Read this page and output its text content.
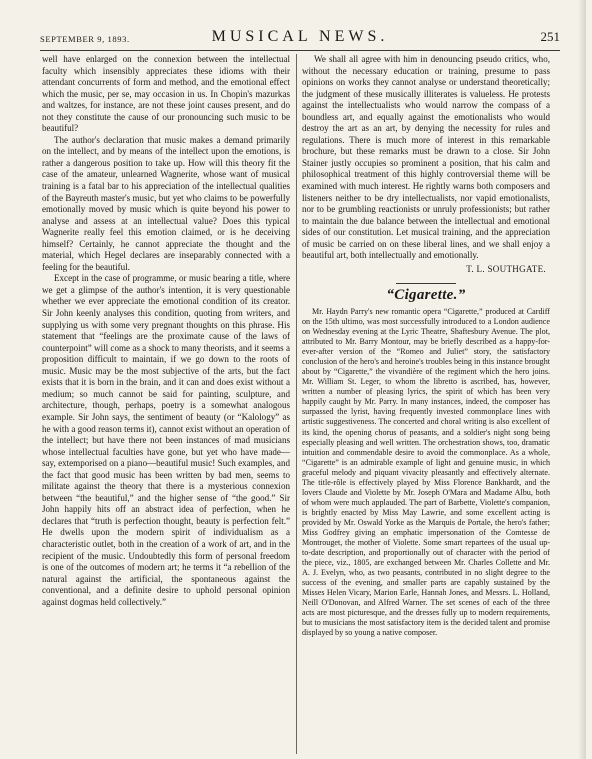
SEPTEMBER 9, 1893.	MUSICAL NEWS.	251

well have enlarged on the connexion between the intellectual faculty which insensibly appreciates these idioms with their attendant concurrents of form and method, and the emotional effect which the music, per se, may occasion in us. In Chopin's mazurkas and waltzes, for instance, are not these joint causes present, and do not they constitute the cause of our pronouncing such music to be beautiful?

The author's declaration that music makes a demand primarily on the intellect, and by means of the intellect upon the emotions, is rather a dangerous position to take up. How will this theory fit the case of the amateur, unlearned Wagnerite, whose want of musical training is a fatal bar to his appreciation of the intellectual qualities of the Bayreuth master's music, but yet who claims to be powerfully emotionally moved by music which is quite beyond his power to analyse and assess at an intellectual value? Does this typical Wagnerite really feel this emotion claimed, or is he deceiving himself? Certainly, he cannot appreciate the thought and the material, which Hegel declares are inseparably connected with a feeling for the beautiful.

Except in the case of programme, or music bearing a title, where we get a glimpse of the author's intention, it is very questionable whether we ever appreciate the emotional condition of its creator. Sir John keenly analyses this condition, quoting from writers, and supplying us with some very pregnant thoughts on this phrase. His statement that “feelings are the proximate cause of the laws of counterpoint” will come as a shock to many theorists, and it seems a proposition difficult to maintain, if we go down to the roots of music. Music may be the most subjective of the arts, but the fact exists that it is born in the brain, and it can and does exist without a medium; so much cannot be said for painting, sculpture, and architecture, though, perhaps, poetry is a somewhat analogous example. Sir John says, the sentiment of beauty (or “Kalology” as he with a good reason terms it), cannot exist without an operation of the intellect; but have there not been instances of mad musicians whose intellectual faculties have gone, but yet who have made—say, extemporised on a piano—beautiful music! Such examples, and the fact that good music has been written by bad men, seems to militate against the theory that there is a mysterious connexion between “the beautiful,” and the higher sense of “the good.” Sir John happily hits off an abstract idea of perfection, when he declares that “truth is perfection thought, beauty is perfection felt.” He dwells upon the modern spirit of individualism as a characteristic outlet, both in the creation of a work of art, and in the recipient of the music. Undoubtedly this form of personal freedom is one of the outcomes of modern art; he terms it “a rebellion of the natural against the artificial, the spontaneous against the conventional, and a definite desire to uphold personal opinion against dogmas held collectively.”

We shall all agree with him in denouncing pseudo critics, who, without the necessary education or training, presume to pass opinions on works they cannot analyse or understand theoretically; the judgment of these musically illiterates is valueless. He protests against the intellectualists who would narrow the compass of a boundless art, and equally against the emotionalists who would destroy the art as an art, by denying the necessity for rules and regulations. There is much more of interest in this remarkable brochure, but these remarks must be drawn to a close. Sir John Stainer justly occupies so prominent a position, that his calm and philosophical treatment of this highly controversial theme will be examined with much interest. He rightly warns both composers and listeners neither to be dry intellectualists, nor vapid emotionalists, nor to be grumbling reactionists or unruly professionists; but rather to maintain the due balance between the intellectual and emotional sides of our constitution. Let musical training, and the appreciation of music be carried on on these liberal lines, and we shall enjoy a beautiful art, both intellectually and emotionally.

T. L. SOUTHGATE.
“Cigarette.”

Mr. Haydn Parry's new romantic opera “Cigarette,” produced at Cardiff on the 15th ultimo, was most successfully introduced to a London audience on Wednesday evening at the Lyric Theatre, Shaftesbury Avenue. The plot, attributed to Mr. Barry Montour, may be briefly described as a happy-for-ever-after version of the “Romeo and Juliet” story, the satisfactory conclusion of the hero's and heroine's troubles being in this instance brought about by “Cigarette,” the vivandière of the regiment which the hero joins. Mr. William St. Leger, to whom the libretto is ascribed, has, however, written a number of pleasing lyrics, the spirit of which has been very happily caught by Mr. Parry. In many instances, indeed, the composer has surpassed the lyrist, having frequently invested commonplace lines with artistic suggestiveness. The concerted and choral writing is also excellent of its kind, the opening chorus of peasants, and a soldier's night song being especially pleasing and well written. The orchestration shows, too, dramatic intuition and commendable desire to avoid the commonplace. As a whole, “Cigarette” is an admirable example of light and genuine music, in which graceful melody and piquant vivacity pleasantly and effectively alternate. The title-rôle is effectively played by Miss Florence Bankhardt, and the lovers Claude and Violette by Mr. Joseph O'Mara and Madame Albu, both of whom were much applauded. The part of Barbette, Violette's companion, is brightly enacted by Miss May Lawrie, and some excellent acting is provided by Mr. Oswald Yorke as the Marquis de Portale, the hero's father; Miss Godfrey giving an emphatic impersonation of the Comtesse de Montrouget, the mother of Violette. Some smart repartees of the usual up-to-date description, and proportionally out of character with the period of the piece, viz., 1805, are exchanged between Mr. Charles Collette and Mr. A. J. Evelyn, who, as two peasants, contributed in no slight degree to the success of the evening, and smaller parts are capably sustained by the Misses Helen Vicary, Marion Earle, Hannah Jones, and Messrs. L. Holland, Neill O'Donovan, and Alfred Warner. The set scenes of each of the three acts are most picturesque, and the dresses fully up to modern requirements, but to musicians the most satisfactory item is the decided talent and promise displayed by so young a native composer.
